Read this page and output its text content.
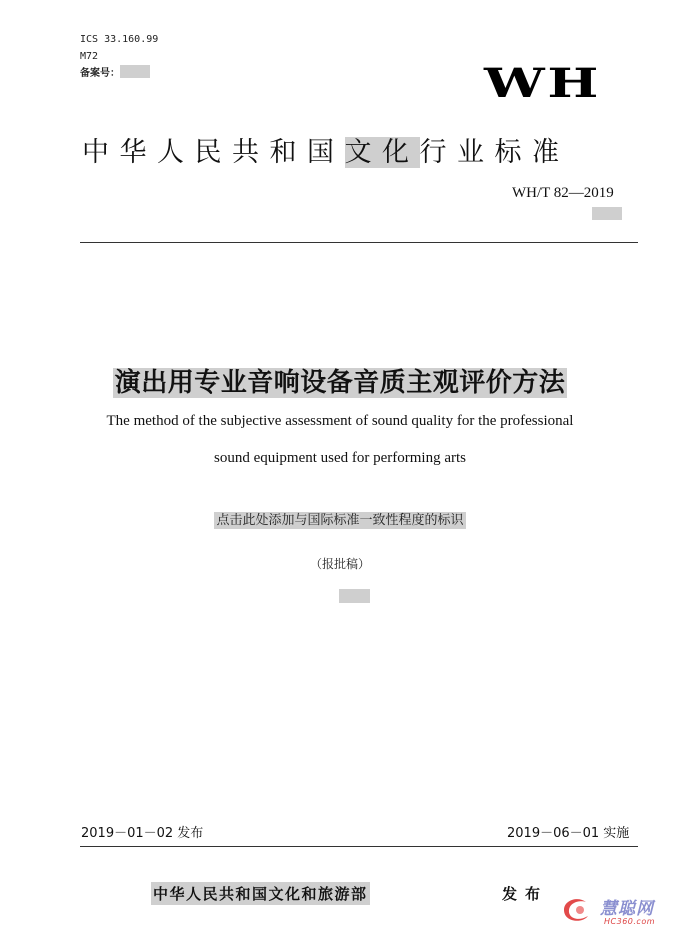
ICS 33.160.99
M72
备案号：	WH
中华人民共和国文化行业标准
WH/T 82—2019
演出用专业音响设备音质主观评价方法
The method of the subjective assessment of sound quality for the professional
sound equipment used for performing arts
点击此处添加与国际标准一致性程度的标识
（报批稿）
2019－01－02 发布	2019－06－01 实施
中华人民共和国文化和旅游部	发布
慧聪网
HC360.com
